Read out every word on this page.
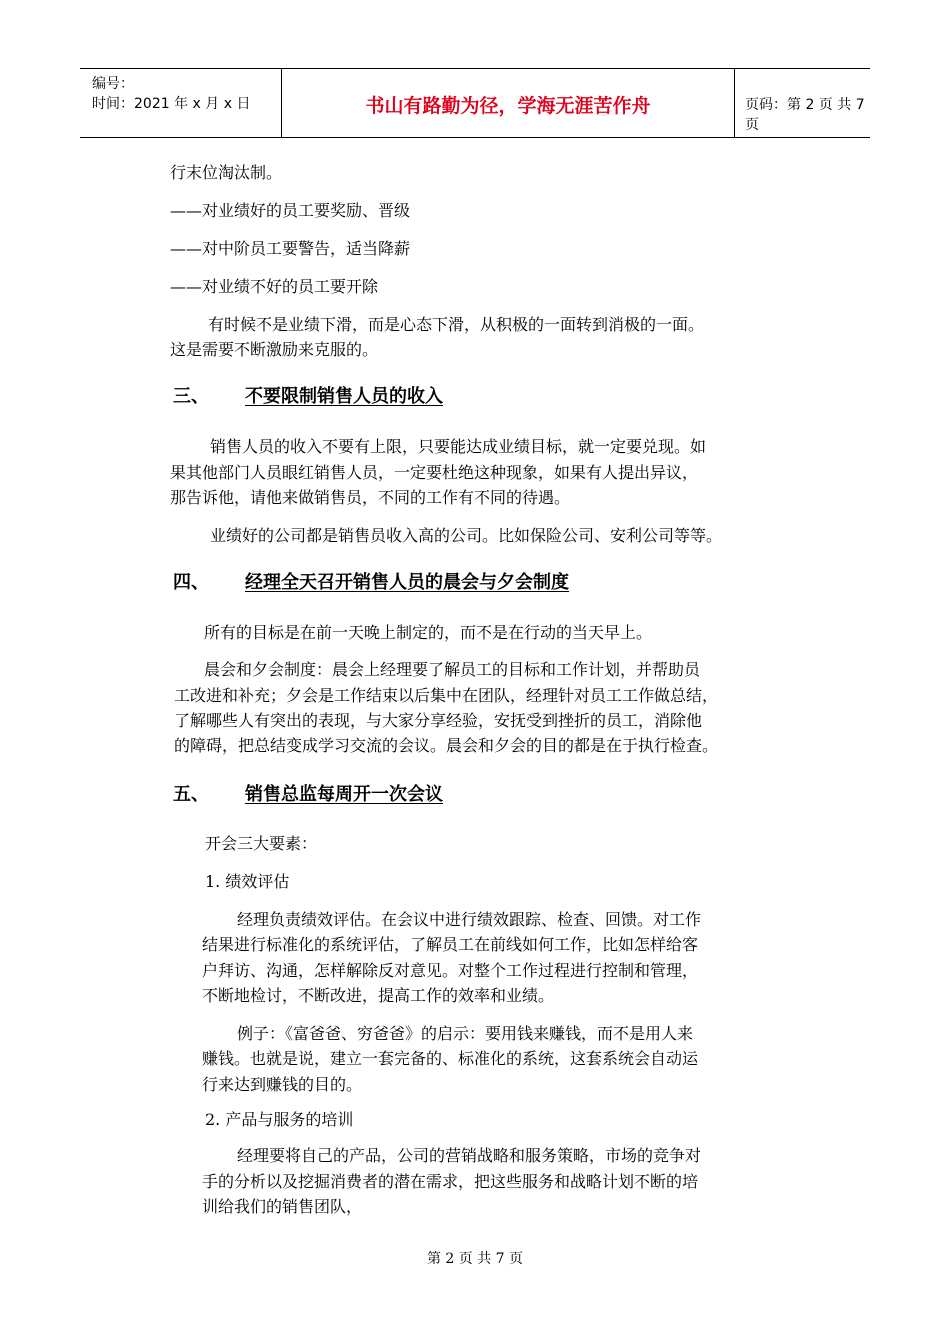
编号：
时间：2021 年 x 月 x 日	书山有路勤为径，学海无涯苦作舟	页码：第 2 页 共 7 页
行末位淘汰制。
——对业绩好的员工要奖励、晋级
——对中阶员工要警告，适当降薪
——对业绩不好的员工要开除
有时候不是业绩下滑，而是心态下滑，从积极的一面转到消极的一面。
这是需要不断激励来克服的。
三、 不要限制销售人员的收入
销售人员的收入不要有上限，只要能达成业绩目标，就一定要兑现。如
果其他部门人员眼红销售人员，一定要杜绝这种现象，如果有人提出异议，
那告诉他，请他来做销售员，不同的工作有不同的待遇。
业绩好的公司都是销售员收入高的公司。比如保险公司、安利公司等等。
四、 经理全天召开销售人员的晨会与夕会制度
所有的目标是在前一天晚上制定的，而不是在行动的当天早上。
晨会和夕会制度：晨会上经理要了解员工的目标和工作计划，并帮助员
工改进和补充；夕会是工作结束以后集中在团队，经理针对员工工作做总结，
了解哪些人有突出的表现，与大家分享经验，安抚受到挫折的员工，消除他
的障碍，把总结变成学习交流的会议。晨会和夕会的目的都是在于执行检查。
五、 销售总监每周开一次会议
开会三大要素：
1. 绩效评估
经理负责绩效评估。在会议中进行绩效跟踪、检查、回馈。对工作
结果进行标准化的系统评估，了解员工在前线如何工作，比如怎样给客
户拜访、沟通，怎样解除反对意见。对整个工作过程进行控制和管理，
不断地检讨，不断改进，提高工作的效率和业绩。
例子：《富爸爸、穷爸爸》的启示：要用钱来赚钱，而不是用人来
赚钱。也就是说，建立一套完备的、标准化的系统，这套系统会自动运
行来达到赚钱的目的。
2. 产品与服务的培训
经理要将自己的产品，公司的营销战略和服务策略，市场的竞争对
手的分析以及挖掘消费者的潜在需求，把这些服务和战略计划不断的培
训给我们的销售团队，
第 2 页 共 7 页
